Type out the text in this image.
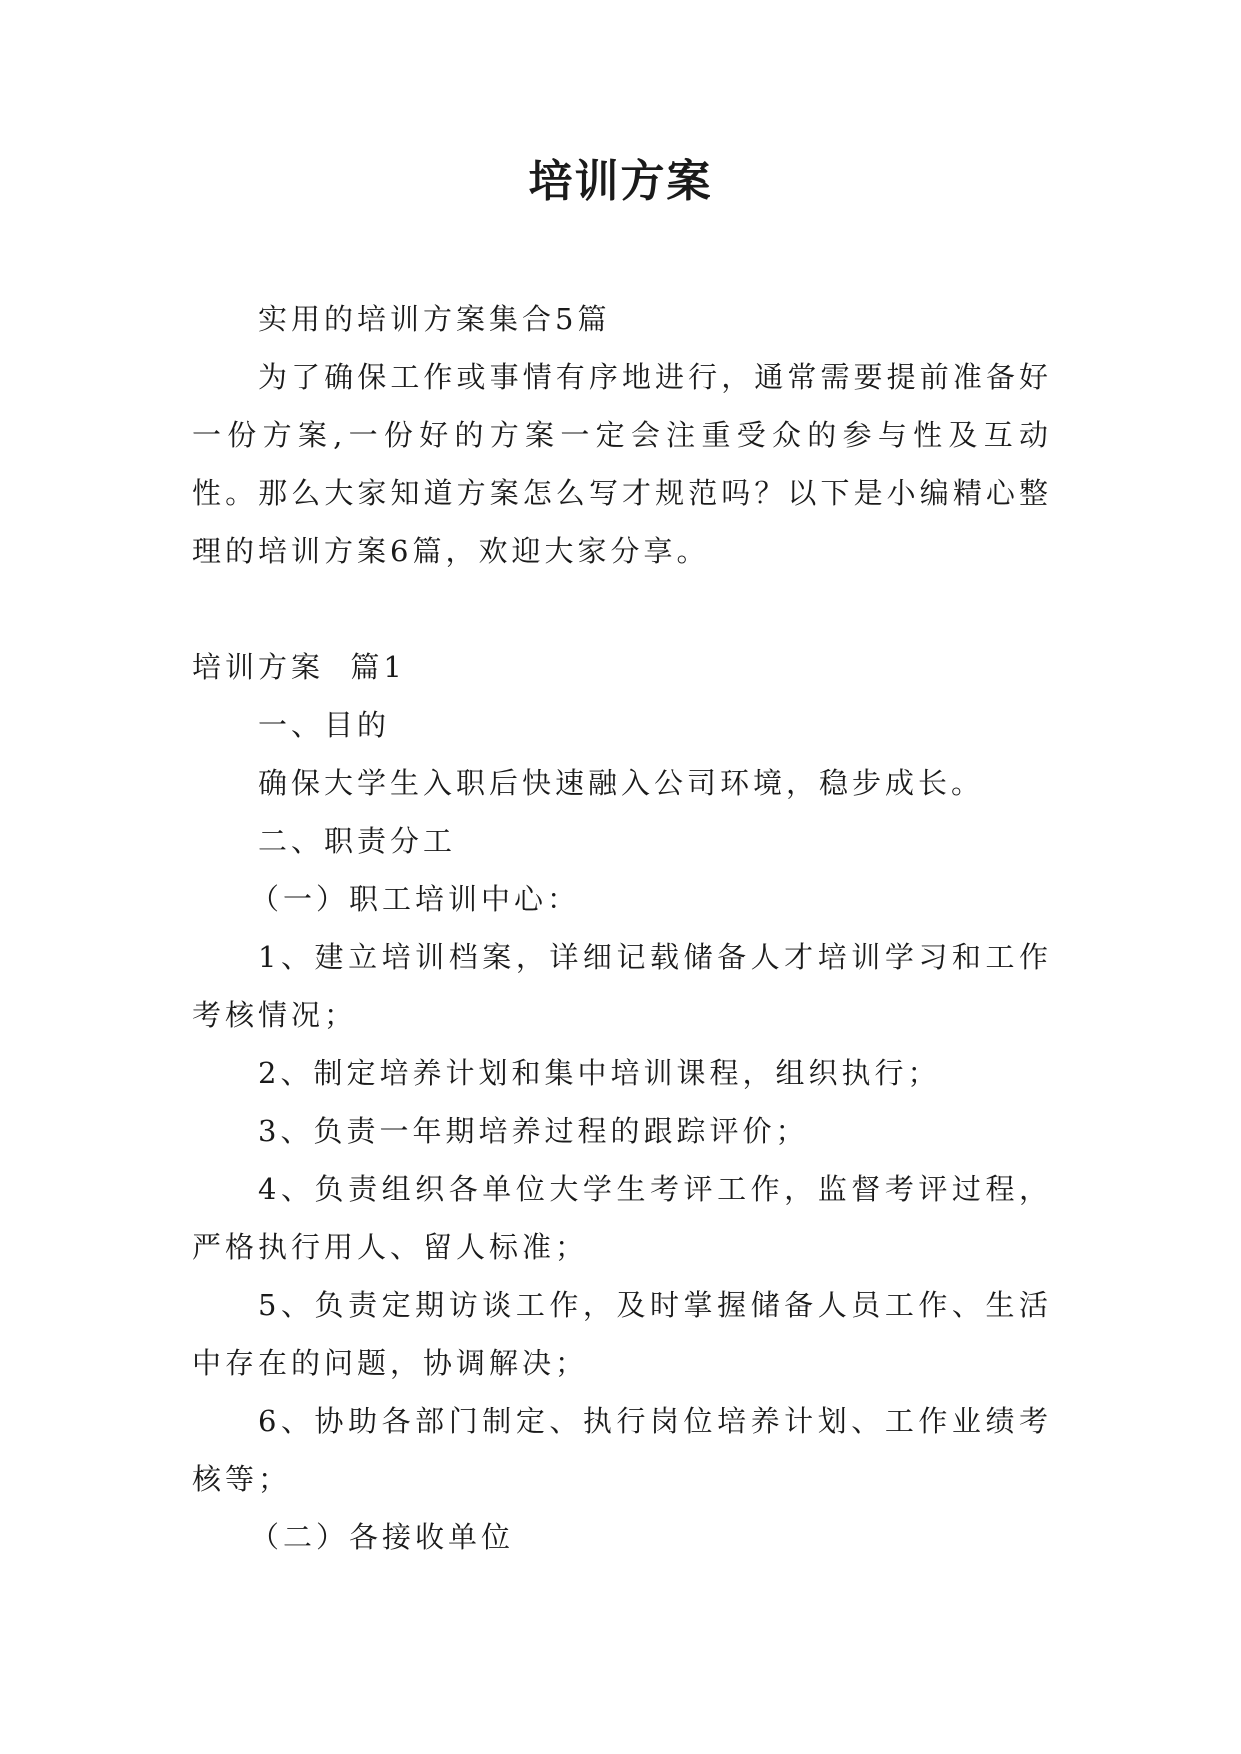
培训方案

实用的培训方案集合5篇

为了确保工作或事情有序地进行，通常需要提前准备好一份方案,一份好的方案一定会注重受众的参与性及互动性。那么大家知道方案怎么写才规范吗？以下是小编精心整理的培训方案6篇，欢迎大家分享。

培训方案  篇1

一、目的

确保大学生入职后快速融入公司环境，稳步成长。

二、职责分工

（一）职工培训中心：

1、建立培训档案，详细记载储备人才培训学习和工作考核情况；

2、制定培养计划和集中培训课程，组织执行；

3、负责一年期培养过程的跟踪评价；

4、负责组织各单位大学生考评工作，监督考评过程，严格执行用人、留人标准；

5、负责定期访谈工作，及时掌握储备人员工作、生活中存在的问题，协调解决；

6、协助各部门制定、执行岗位培养计划、工作业绩考核等；

（二）各接收单位
